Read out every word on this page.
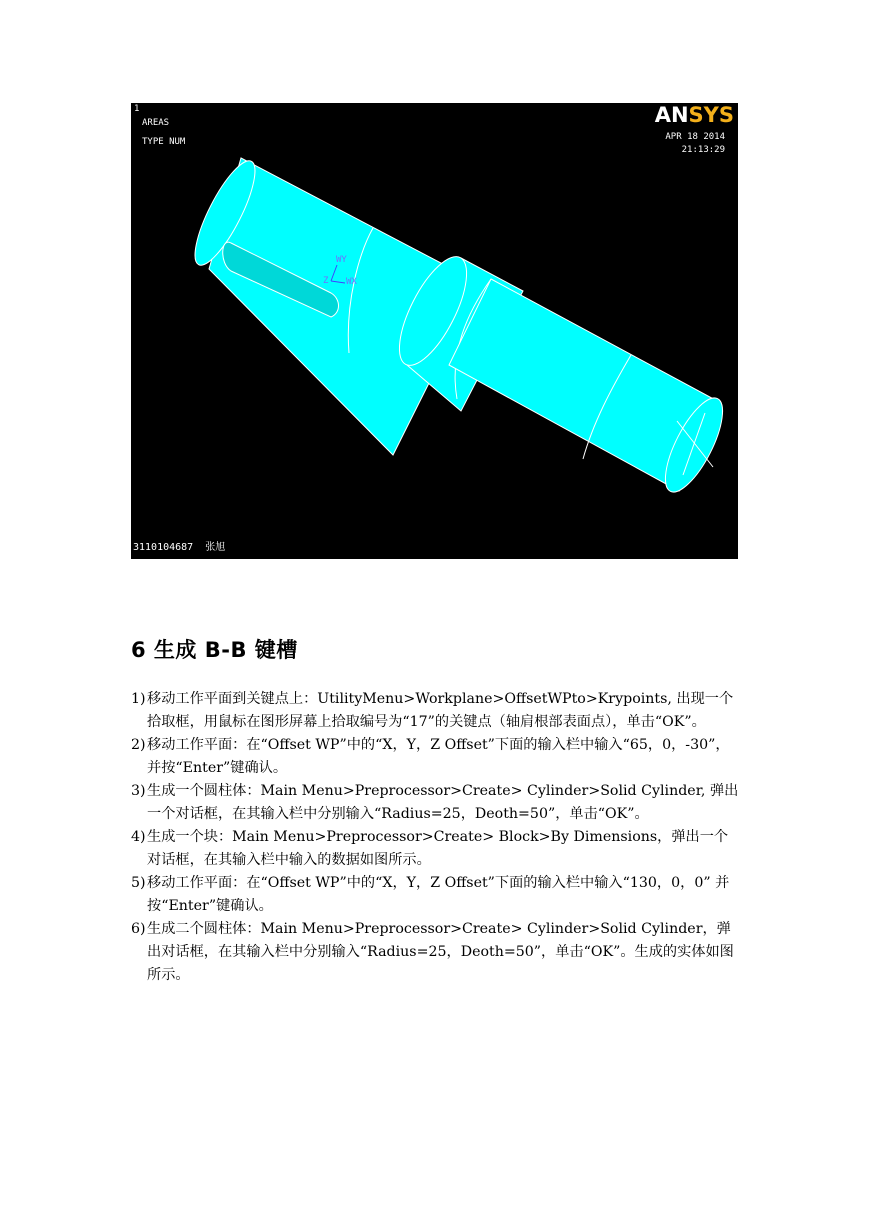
1
AREAS
TYPE NUM
ANSYS
APR 18 2014
21:13:29
WY
Z WX
3110104687  张旭
6 生成 B-B 键槽
1) 移动工作平面到关键点上：UtilityMenu>Workplane>OffsetWPto>Krypoints, 出现一个拾取框，用鼠标在图形屏幕上拾取编号为“17”的关键点（轴肩根部表面点），单击“OK”。
2) 移动工作平面：在“Offset WP”中的“X，Y，Z Offset”下面的输入栏中输入“65，0，-30”，并按“Enter”键确认。
3) 生成一个圆柱体：Main Menu>Preprocessor>Create> Cylinder>Solid Cylinder, 弹出一个对话框，在其输入栏中分别输入“Radius=25，Deoth=50”，单击“OK”。
4) 生成一个块：Main Menu>Preprocessor>Create> Block>By Dimensions，弹出一个对话框，在其输入栏中输入的数据如图所示。
5) 移动工作平面：在“Offset WP”中的“X，Y，Z Offset”下面的输入栏中输入“130，0，0” 并按“Enter”键确认。
6) 生成二个圆柱体：Main Menu>Preprocessor>Create> Cylinder>Solid Cylinder，弹出对话框，在其输入栏中分别输入“Radius=25，Deoth=50”，单击“OK”。生成的实体如图所示。
